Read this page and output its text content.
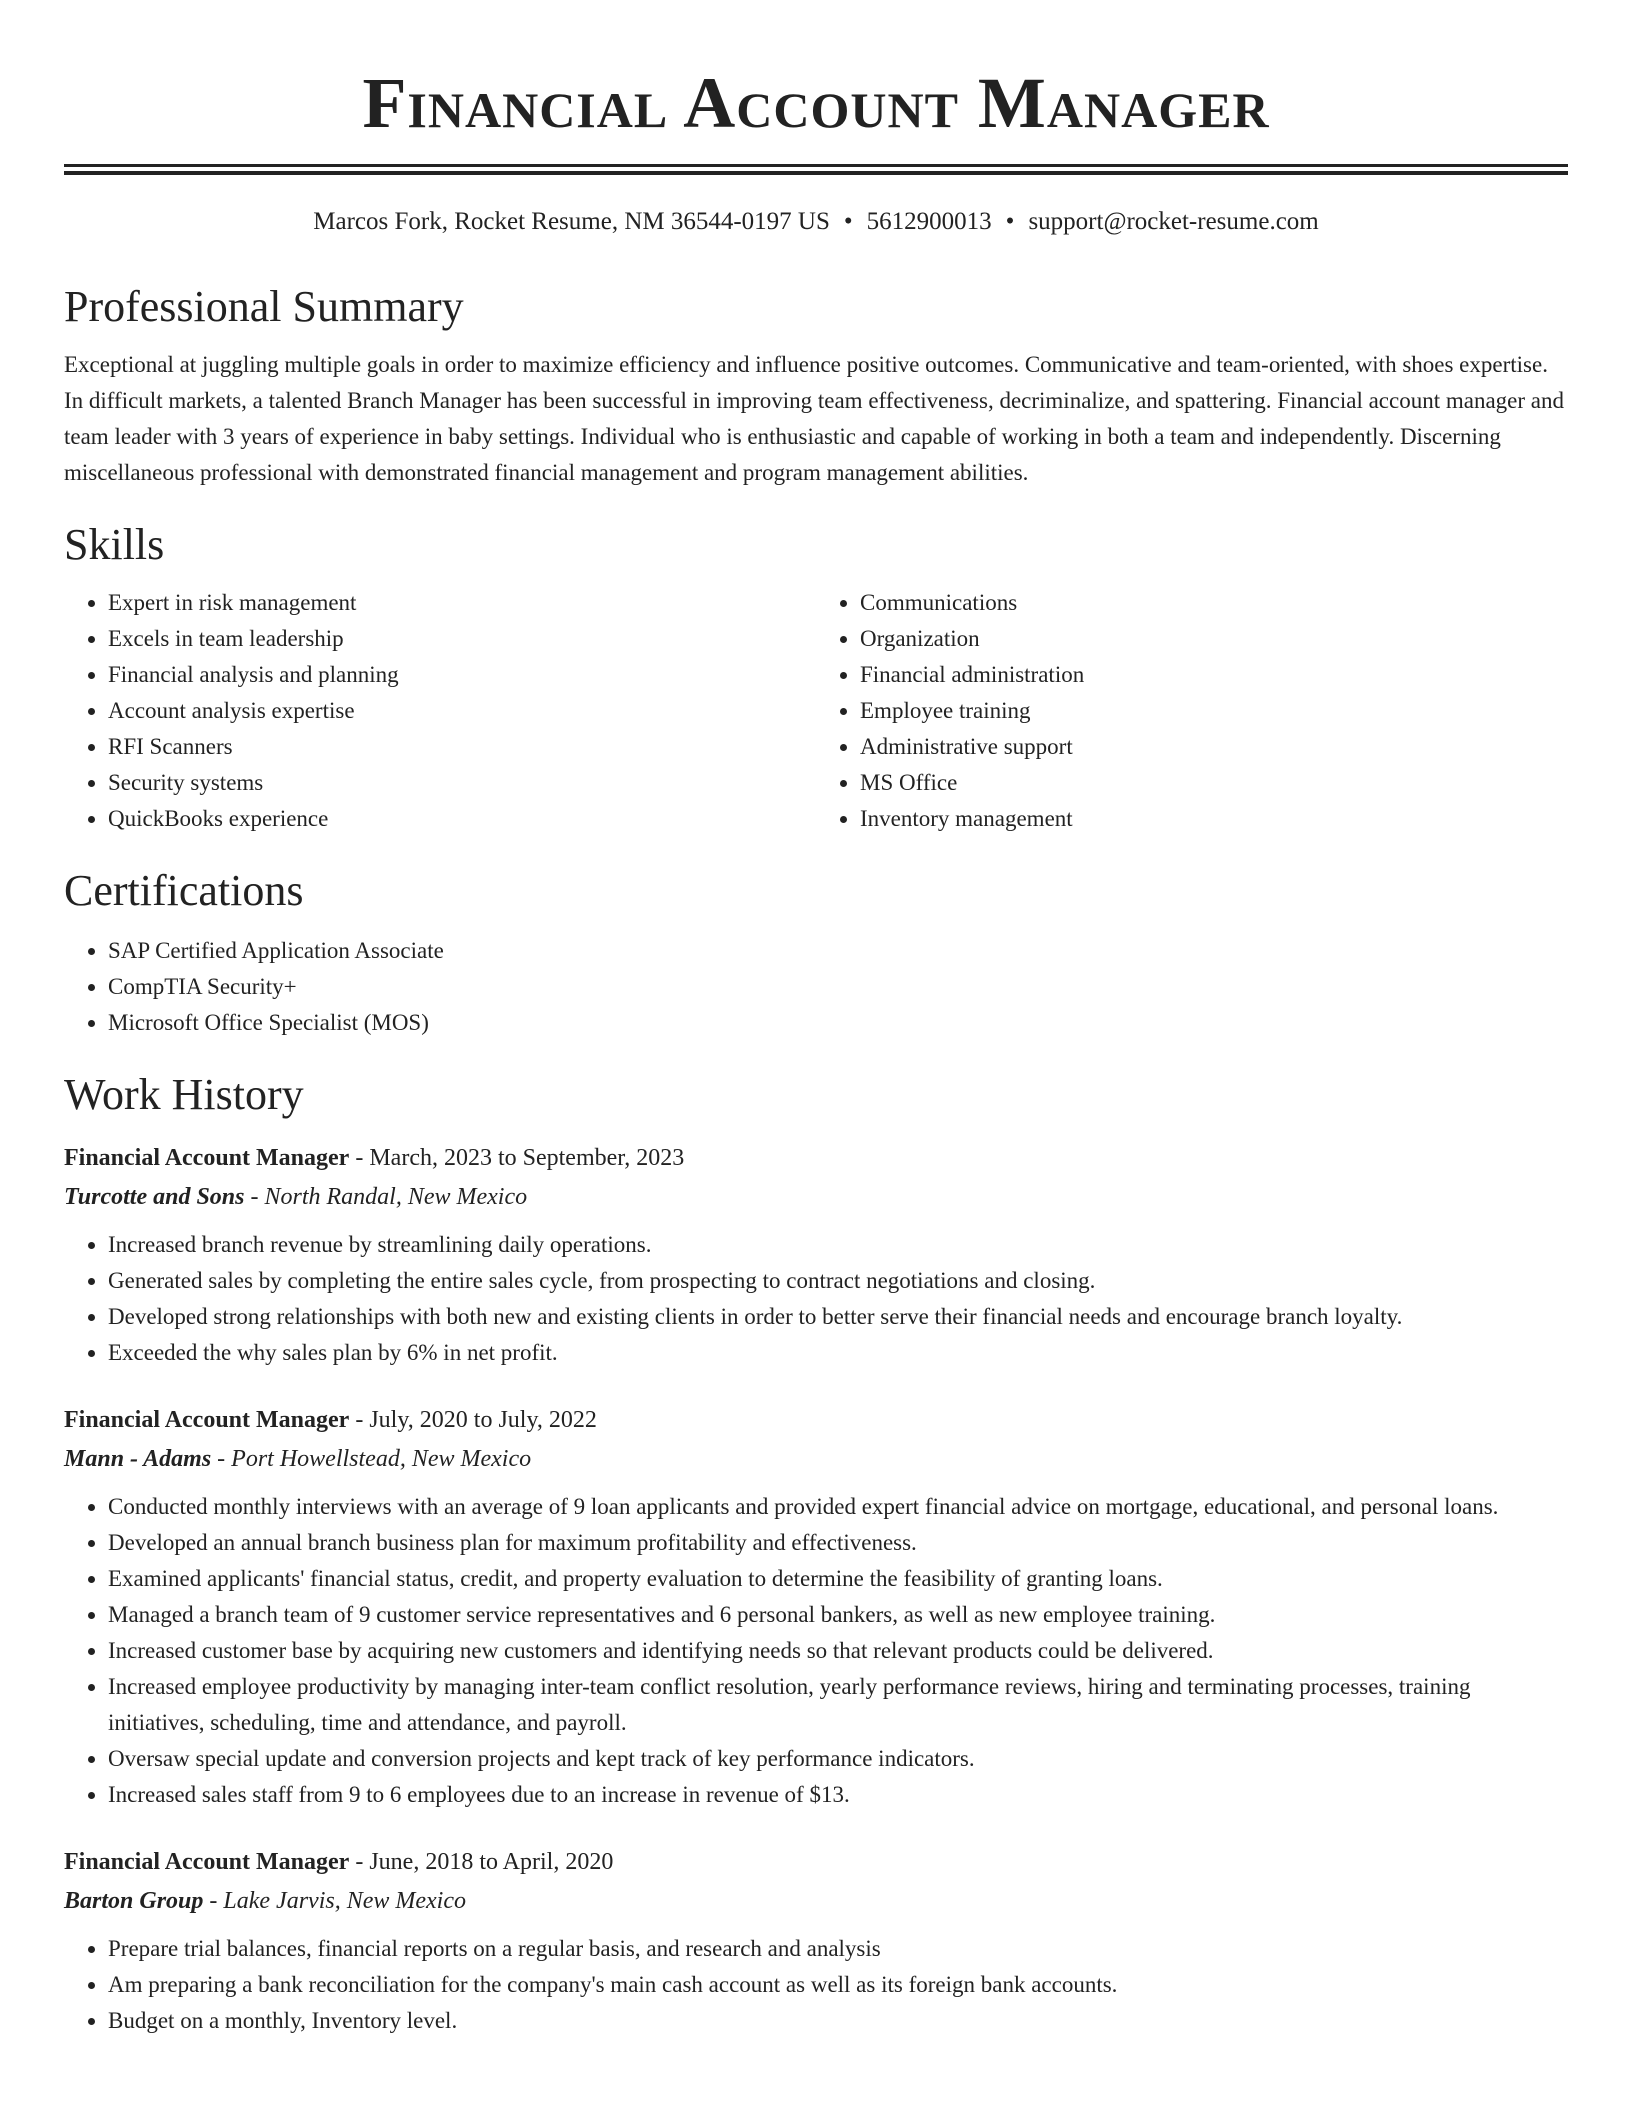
Financial Account Manager
Marcos Fork, Rocket Resume, NM 36544-0197 US • 5612900013 • support@rocket-resume.com
Professional Summary

Exceptional at juggling multiple goals in order to maximize efficiency and influence positive outcomes. Communicative and team-oriented, with shoes expertise. In difficult markets, a talented Branch Manager has been successful in improving team effectiveness, decriminalize, and spattering. Financial account manager and team leader with 3 years of experience in baby settings. Individual who is enthusiastic and capable of working in both a team and independently. Discerning miscellaneous professional with demonstrated financial management and program management abilities.

Skills
• Expert in risk management
• Excels in team leadership
• Financial analysis and planning
• Account analysis expertise
• RFI Scanners
• Security systems
• QuickBooks experience
• Communications
• Organization
• Financial administration
• Employee training
• Administrative support
• MS Office
• Inventory management
Certifications
• SAP Certified Application Associate
• CompTIA Security+
• Microsoft Office Specialist (MOS)
Work History
Financial Account Manager - March, 2023 to September, 2023
Turcotte and Sons - North Randal, New Mexico
• Increased branch revenue by streamlining daily operations.
• Generated sales by completing the entire sales cycle, from prospecting to contract negotiations and closing.
• Developed strong relationships with both new and existing clients in order to better serve their financial needs and encourage branch loyalty.
• Exceeded the why sales plan by 6% in net profit.
Financial Account Manager - July, 2020 to July, 2022
Mann - Adams - Port Howellstead, New Mexico
• Conducted monthly interviews with an average of 9 loan applicants and provided expert financial advice on mortgage, educational, and personal loans.
• Developed an annual branch business plan for maximum profitability and effectiveness.
• Examined applicants' financial status, credit, and property evaluation to determine the feasibility of granting loans.
• Managed a branch team of 9 customer service representatives and 6 personal bankers, as well as new employee training.
• Increased customer base by acquiring new customers and identifying needs so that relevant products could be delivered.
• Increased employee productivity by managing inter-team conflict resolution, yearly performance reviews, hiring and terminating processes, training initiatives, scheduling, time and attendance, and payroll.
• Oversaw special update and conversion projects and kept track of key performance indicators.
• Increased sales staff from 9 to 6 employees due to an increase in revenue of $13.
Financial Account Manager - June, 2018 to April, 2020
Barton Group - Lake Jarvis, New Mexico
• Prepare trial balances, financial reports on a regular basis, and research and analysis
• Am preparing a bank reconciliation for the company's main cash account as well as its foreign bank accounts.
• Budget on a monthly, Inventory level.
